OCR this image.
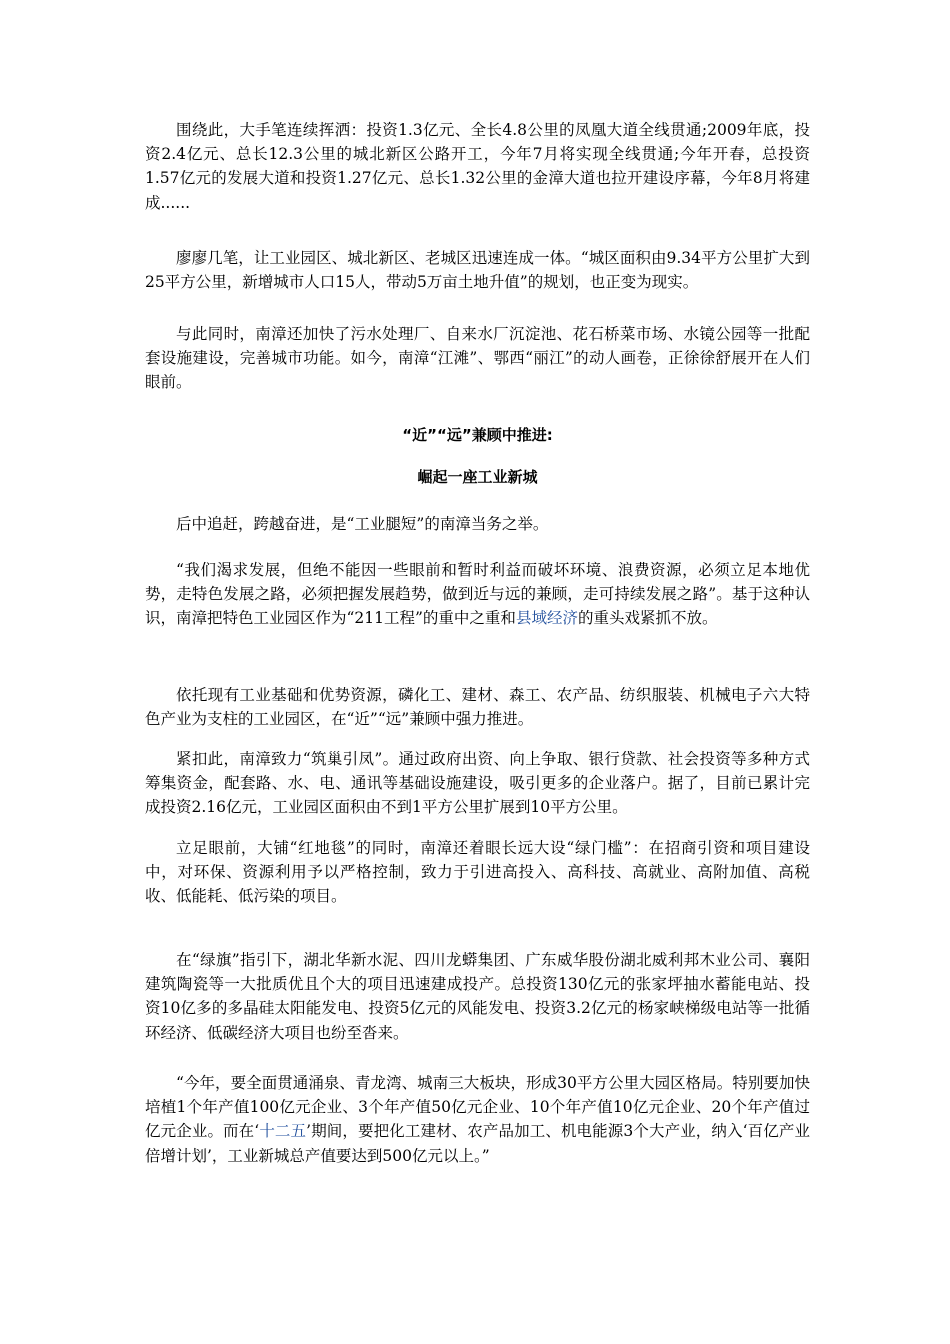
围绕此，大手笔连续挥洒：投资1.3亿元、全长4.8公里的凤凰大道全线贯通;2009年底，投资2.4亿元、总长12.3公里的城北新区公路开工，今年7月将实现全线贯通;今年开春，总投资1.57亿元的发展大道和投资1.27亿元、总长1.32公里的金漳大道也拉开建设序幕，今年8月将建成......

廖廖几笔，让工业园区、城北新区、老城区迅速连成一体。“城区面积由9.34平方公里扩大到25平方公里，新增城市人口15人，带动5万亩土地升值”的规划，也正变为现实。

与此同时，南漳还加快了污水处理厂、自来水厂沉淀池、花石桥菜市场、水镜公园等一批配套设施建设，完善城市功能。如今，南漳“江滩”、鄂西“丽江”的动人画卷，正徐徐舒展开在人们眼前。

“近”“远”兼顾中推进:

崛起一座工业新城

后中追赶，跨越奋进，是“工业腿短”的南漳当务之举。

“我们渴求发展，但绝不能因一些眼前和暂时利益而破坏环境、浪费资源，必须立足本地优势，走特色发展之路，必须把握发展趋势，做到近与远的兼顾，走可持续发展之路”。基于这种认识，南漳把特色工业园区作为“211工程”的重中之重和县域经济的重头戏紧抓不放。

依托现有工业基础和优势资源，磷化工、建材、森工、农产品、纺织服装、机械电子六大特色产业为支柱的工业园区，在“近”“远”兼顾中强力推进。

紧扣此，南漳致力“筑巢引凤”。通过政府出资、向上争取、银行贷款、社会投资等多种方式筹集资金，配套路、水、电、通讯等基础设施建设，吸引更多的企业落户。据了，目前已累计完成投资2.16亿元，工业园区面积由不到1平方公里扩展到10平方公里。

立足眼前，大铺“红地毯”的同时，南漳还着眼长远大设“绿门槛”：在招商引资和项目建设中，对环保、资源利用予以严格控制，致力于引进高投入、高科技、高就业、高附加值、高税收、低能耗、低污染的项目。

在“绿旗”指引下，湖北华新水泥、四川龙蟒集团、广东威华股份湖北威利邦木业公司、襄阳建筑陶瓷等一大批质优且个大的项目迅速建成投产。总投资130亿元的张家坪抽水蓄能电站、投资10亿多的多晶硅太阳能发电、投资5亿元的风能发电、投资3.2亿元的杨家峡梯级电站等一批循环经济、低碳经济大项目也纷至沓来。

“今年，要全面贯通涌泉、青龙湾、城南三大板块，形成30平方公里大园区格局。特别要加快培植1个年产值100亿元企业、3个年产值50亿元企业、10个年产值10亿元企业、20个年产值过亿元企业。而在‘十二五’期间，要把化工建材、农产品加工、机电能源3个大产业，纳入‘百亿产业倍增计划’，工业新城总产值要达到500亿元以上。”
